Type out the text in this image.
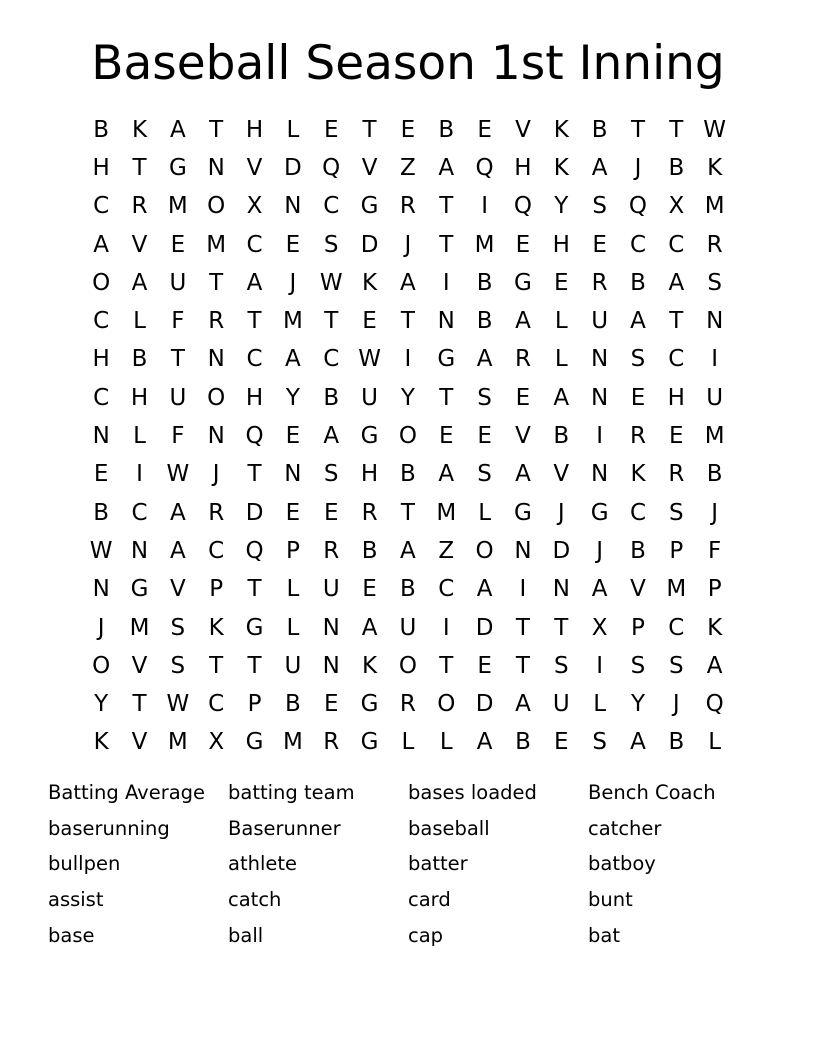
Baseball Season 1st Inning
B K A	T H	L	E	T	E	B	E	V K B	T	T W
H T G N V D Q V Z A Q H K A	J	B K
C R M O X N C G R	T	I	Q Y	S Q X M
A V	E M C	E	S D	J	T M E H E	C C R
O A U T	A	J	W K A	I	B G E	R B A	S
C	L	F	R	T M T	E	T N B A	L	U A	T N
H B	T N C A C W	I	G A R	L	N S	C	I
C H U O H Y	B U Y	T	S	E	A N E H U
N	L	F	N Q E	A G O E	E	V B	I	R	E M
E	I	W	J	T N S H B A	S	A V N K R B
B C A R D E	E	R	T M L	G	J	G C	S	J
W N A C Q P	R B A Z O N D	J	B	P	F
N G V	P	T	L	U E	B C A	I	N A V M P
J	M S	K G	L	N A U	I	D T	T	X	P	C K
O V	S	T	T U N K O T	E	T	S	I	S	S	A
Y	T W C	P	B	E G R O D A U	L	Y	J	Q
K V M X G M R G	L	L	A B	E	S	A B	L
Batting Average	batting team	bases loaded	Bench Coach
baserunning	Baserunner	baseball	catcher
bullpen	athlete	batter	batboy
assist	catch	card	bunt
base	ball	cap	bat
